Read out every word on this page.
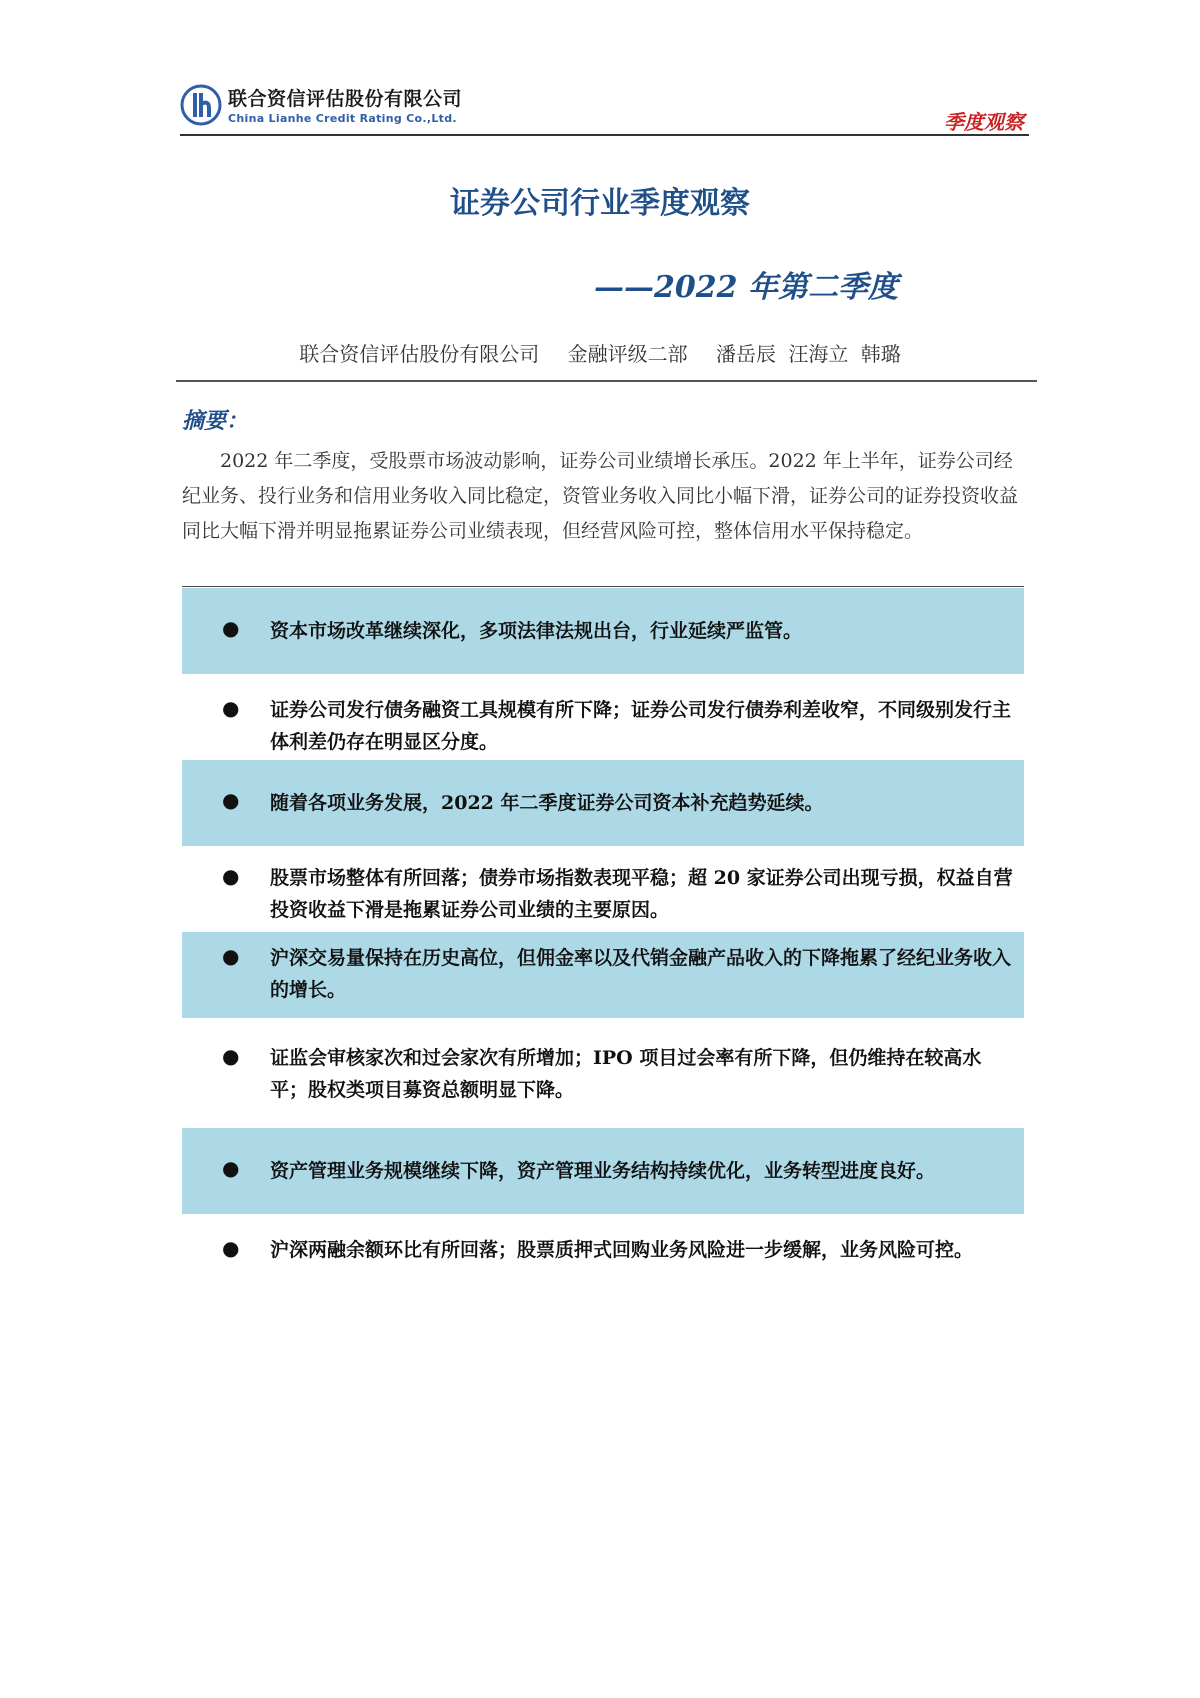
联合资信评估股份有限公司
China Lianhe Credit Rating Co.,Ltd.	季度观察
证券公司行业季度观察
——2022 年第二季度
联合资信评估股份有限公司 金融评级二部 潘岳辰 汪海立 韩璐
摘要：
2022 年二季度，受股票市场波动影响，证券公司业绩增长承压。2022 年上半年，证券公司经纪业务、投行业务和信用业务收入同比稳定，资管业务收入同比小幅下滑，证券公司的证券投资收益同比大幅下滑并明显拖累证券公司业绩表现，但经营风险可控，整体信用水平保持稳定。
● 资本市场改革继续深化，多项法律法规出台，行业延续严监管。
● 证券公司发行债务融资工具规模有所下降；证券公司发行债券利差收窄，不同级别发行主体利差仍存在明显区分度。
● 随着各项业务发展，2022 年二季度证券公司资本补充趋势延续。
● 股票市场整体有所回落；债券市场指数表现平稳；超 20 家证券公司出现亏损，权益自营投资收益下滑是拖累证券公司业绩的主要原因。
● 沪深交易量保持在历史高位，但佣金率以及代销金融产品收入的下降拖累了经纪业务收入的增长。
● 证监会审核家次和过会家次有所增加；IPO 项目过会率有所下降，但仍维持在较高水平；股权类项目募资总额明显下降。
● 资产管理业务规模继续下降，资产管理业务结构持续优化，业务转型进度良好。
● 沪深两融余额环比有所回落；股票质押式回购业务风险进一步缓解，业务风险可控。
